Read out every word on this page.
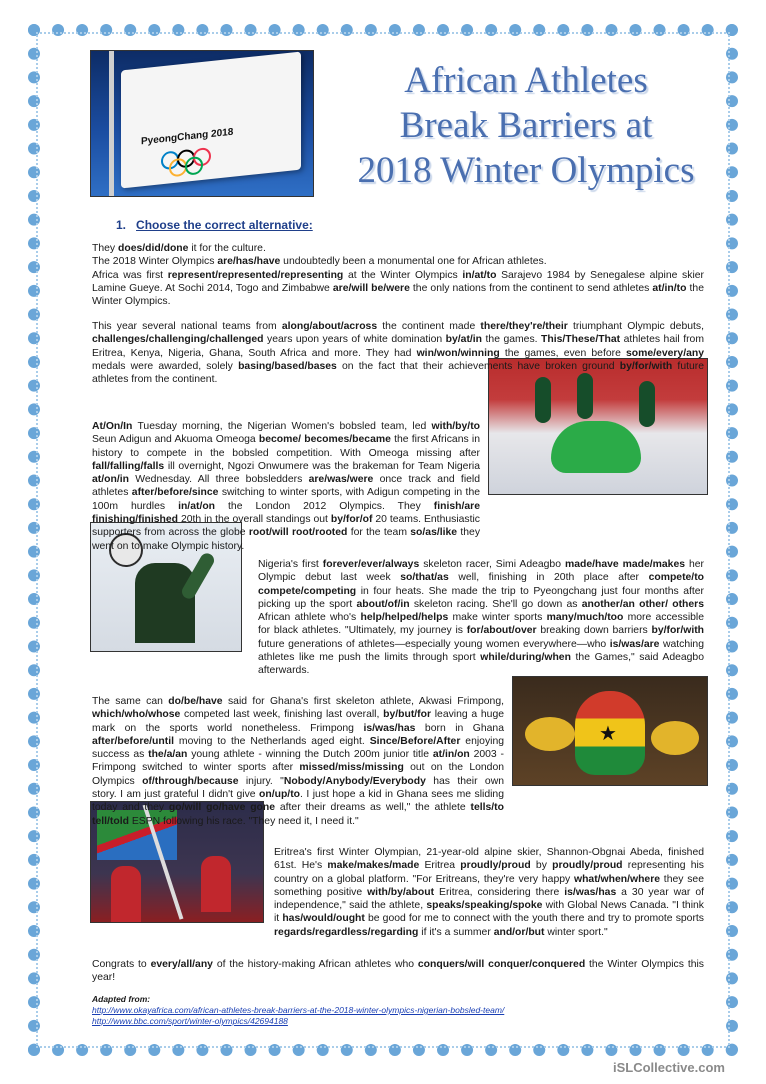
PyeongChang 2018
★
African Athletes
Break Barriers at
2018 Winter Olympics
1. Choose the correct alternative:

They does/did/done it for the culture.

The 2018 Winter Olympics are/has/have undoubtedly been a monumental one for African athletes.

Africa was first represent/represented/representing at the Winter Olympics in/at/to Sarajevo 1984 by Senegalese alpine skier Lamine Gueye. At Sochi 2014, Togo and Zimbabwe are/will be/were the only nations from the continent to send athletes at/in/to the Winter Olympics.

This year several national teams from along/about/across the continent made there/they're/their triumphant Olympic debuts, challenges/challenging/challenged years upon years of white domination by/at/in the games. This/These/That athletes hail from Eritrea, Kenya, Nigeria, Ghana, South Africa and more. They had win/won/winning the games, even before some/every/any medals were awarded, solely basing/based/bases on the fact that their achievements have broken ground by/for/with future athletes from the continent.

At/On/In Tuesday morning, the Nigerian Women's bobsled team, led with/by/to Seun Adigun and Akuoma Omeoga become/ becomes/became the first Africans in history to compete in the bobsled competition. With Omeoga missing after fall/falling/falls ill overnight, Ngozi Onwumere was the brakeman for Team Nigeria at/on/in Wednesday. All three bobsledders are/was/were once track and field athletes after/before/since switching to winter sports, with Adigun competing in the 100m hurdles in/at/on the London 2012 Olympics. They finish/are finishing/finished 20th in the overall standings out by/for/of 20 teams. Enthusiastic supporters from across the globe root/will root/rooted for the team so/as/like they went on to make Olympic history.

Nigeria's first forever/ever/always skeleton racer, Simi Adeagbo made/have made/makes her Olympic debut last week so/that/as well, finishing in 20th place after compete/to compete/competing in four heats. She made the trip to Pyeongchang just four months after picking up the sport about/of/in skeleton racing. She'll go down as another/an other/ others African athlete who's help/helped/helps make winter sports many/much/too more accessible for black athletes. "Ultimately, my journey is for/about/over breaking down barriers by/for/with future generations of athletes—especially young women everywhere—who is/was/are watching athletes like me push the limits through sport while/during/when the Games," said Adeagbo afterwards.

The same can do/be/have said for Ghana's first skeleton athlete, Akwasi Frimpong, which/who/whose competed last week, finishing last overall, by/but/for leaving a huge mark on the sports world nonetheless. Frimpong is/was/has born in Ghana after/before/until moving to the Netherlands aged eight. Since/Before/After enjoying success as the/a/an young athlete - winning the Dutch 200m junior title at/in/on 2003 - Frimpong switched to winter sports after missed/miss/missing out on the London Olympics of/through/because injury. "Nobody/Anybody/Everybody has their own story. I am just grateful I didn't give on/up/to. I just hope a kid in Ghana sees me sliding today and they go/will go/have gone after their dreams as well," the athlete tells/to tell/told ESPN following his race. "They need it, I need it."

Eritrea's first Winter Olympian, 21-year-old alpine skier, Shannon-Obgnai Abeda, finished 61st. He's make/makes/made Eritrea proudly/proud by proudly/proud representing his country on a global platform. "For Eritreans, they're very happy what/when/where they see something positive with/by/about Eritrea, considering there is/was/has a 30 year war of independence," said the athlete, speaks/speaking/spoke with Global News Canada. "I think it has/would/ought be good for me to connect with the youth there and try to promote sports regards/regardless/regarding if it's a summer and/or/but winter sport."

Congrats to every/all/any of the history-making African athletes who conquers/will conquer/conquered the Winter Olympics this year!

Adapted from:
http://www.okayafrica.com/african-athletes-break-barriers-at-the-2018-winter-olympics-nigerian-bobsled-team/
http://www.bbc.com/sport/winter-olympics/42694188
iSLCollective.com
